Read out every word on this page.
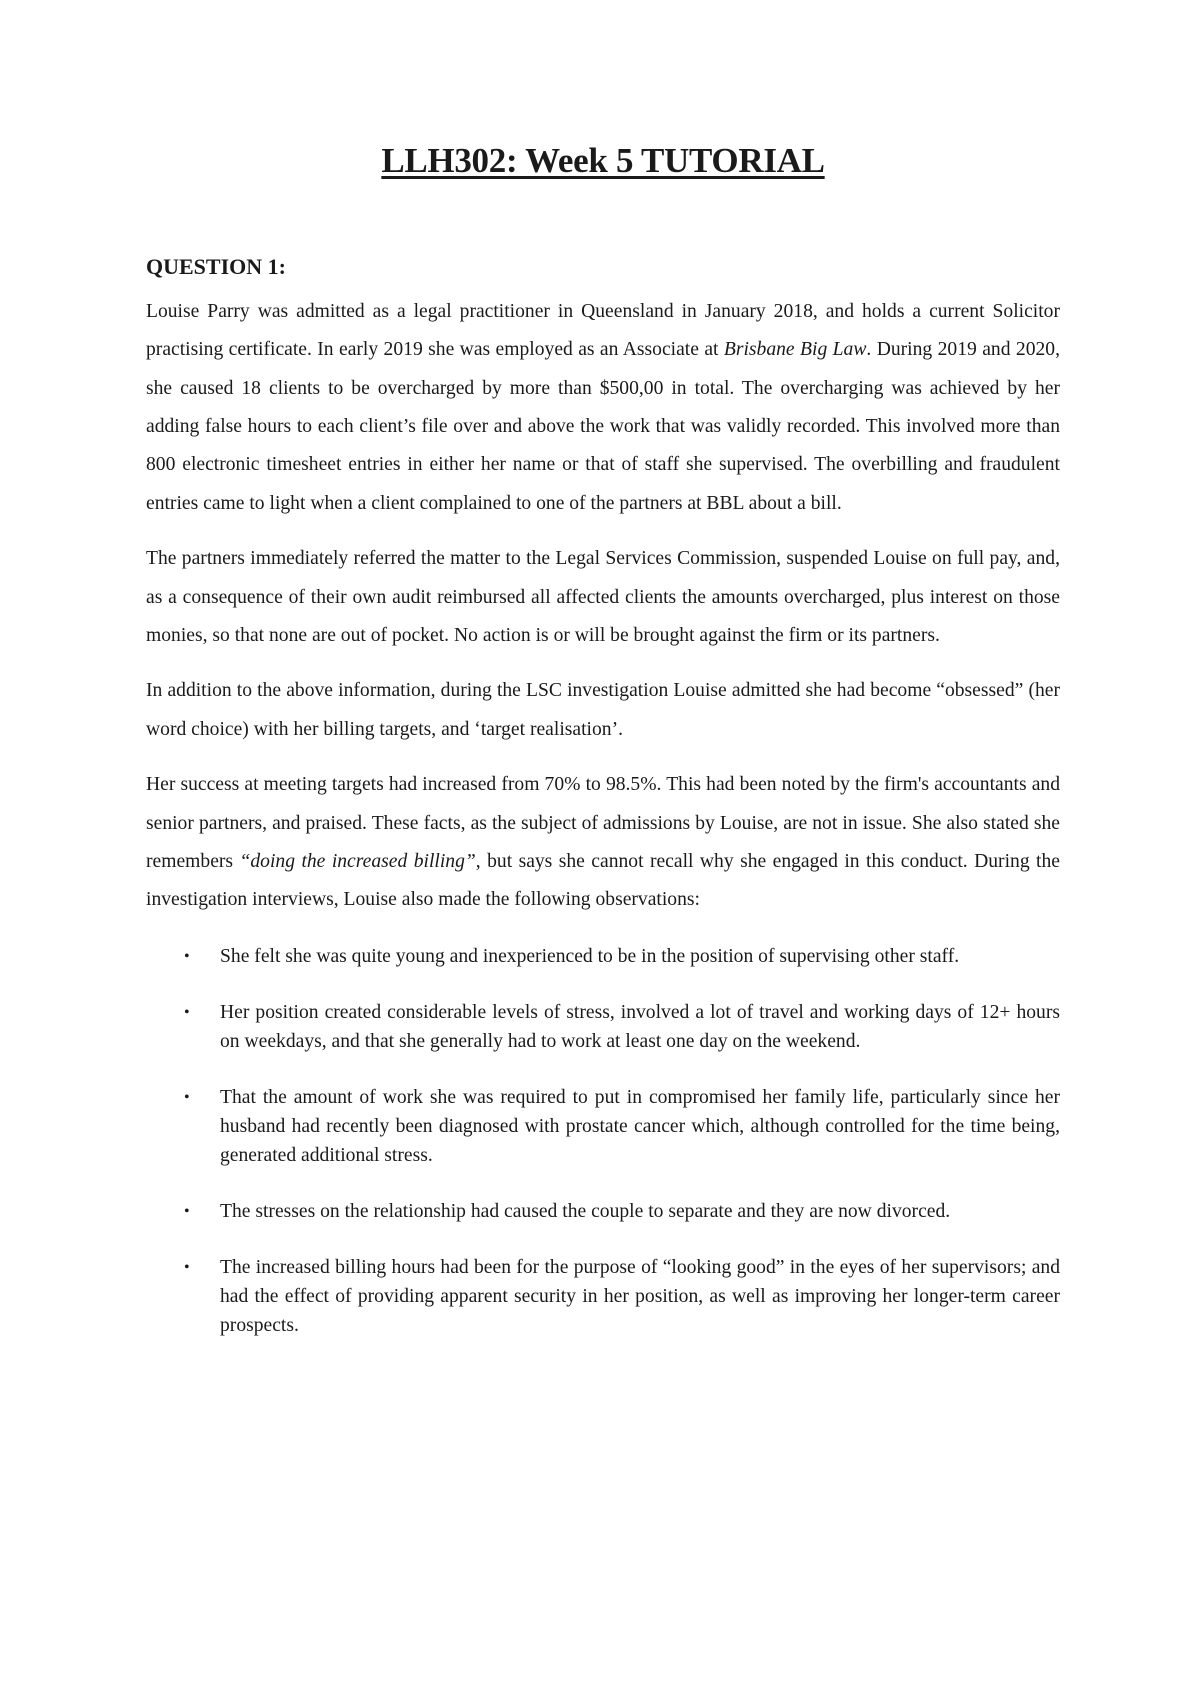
LLH302: Week 5 TUTORIAL
QUESTION 1:

Louise Parry was admitted as a legal practitioner in Queensland in January 2018, and holds a current Solicitor practising certificate. In early 2019 she was employed as an Associate at Brisbane Big Law. During 2019 and 2020, she caused 18 clients to be overcharged by more than $500,00 in total. The overcharging was achieved by her adding false hours to each client’s file over and above the work that was validly recorded. This involved more than 800 electronic timesheet entries in either her name or that of staff she supervised. The overbilling and fraudulent entries came to light when a client complained to one of the partners at BBL about a bill.

The partners immediately referred the matter to the Legal Services Commission, suspended Louise on full pay, and, as a consequence of their own audit reimbursed all affected clients the amounts overcharged, plus interest on those monies, so that none are out of pocket. No action is or will be brought against the firm or its partners.

In addition to the above information, during the LSC investigation Louise admitted she had become “obsessed” (her word choice) with her billing targets, and ‘target realisation’.

Her success at meeting targets had increased from 70% to 98.5%. This had been noted by the firm's accountants and senior partners, and praised. These facts, as the subject of admissions by Louise, are not in issue. She also stated she remembers “doing the increased billing”, but says she cannot recall why she engaged in this conduct. During the investigation interviews, Louise also made the following observations:

• She felt she was quite young and inexperienced to be in the position of supervising other staff.
• Her position created considerable levels of stress, involved a lot of travel and working days of 12+ hours on weekdays, and that she generally had to work at least one day on the weekend.
• That the amount of work she was required to put in compromised her family life, particularly since her husband had recently been diagnosed with prostate cancer which, although controlled for the time being, generated additional stress.
• The stresses on the relationship had caused the couple to separate and they are now divorced.
• The increased billing hours had been for the purpose of “looking good” in the eyes of her supervisors; and had the effect of providing apparent security in her position, as well as improving her longer-term career prospects.
